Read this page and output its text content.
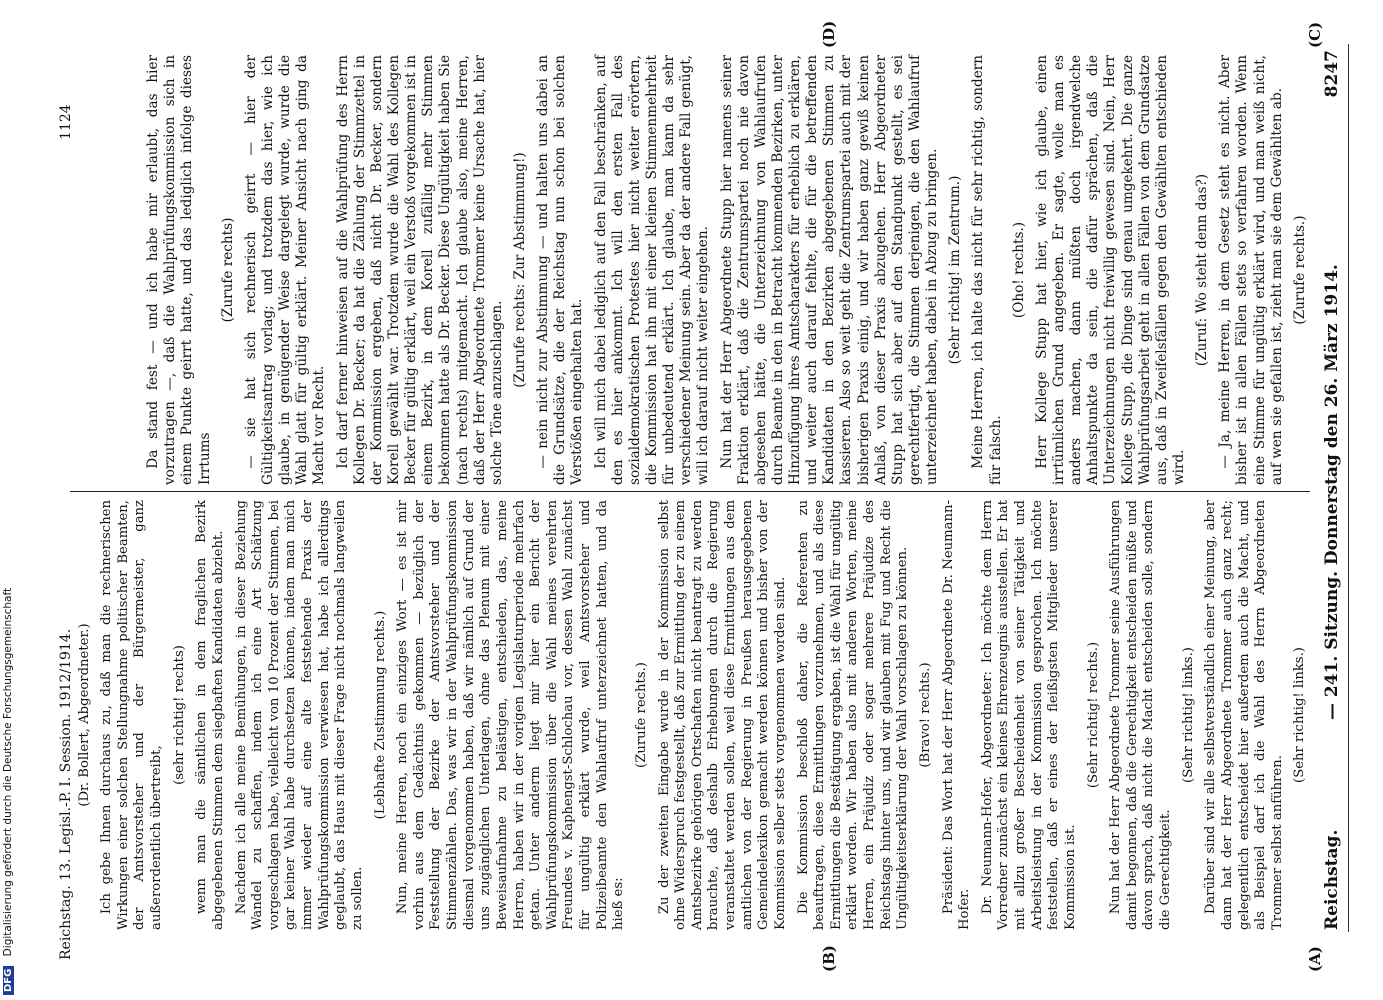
Reichstag.
— 241. Sitzung. Donnerstag den 26. März 1914.
8247
(A)
(B)
(C)
(D)

(Dr. Bollert, Abgeordneter.) Ich gebe Ihnen durchaus zu, daß man die rechnerischen Wirkungen einer solchen Stellungnahme politischer Beamten, der Amtsvorsteher und der Bürgermeister, ganz außerordentlich übertreibt,

(sehr richtig! rechts) wenn man die sämtlichen in dem fraglichen Bezirk abgegebenen Stimmen dem siegbaften Kandidaten abzieht. Nachdem ich alle meine Bemühungen, in dieser Beziehung Wandel zu schaffen, indem ich eine Art Schätzung vorgeschlagen habe, vielleicht von 10 Prozent der Stimmen, bei gar keiner Wahl habe durchsetzen können, indem man mich immer wieder auf eine alte feststehende Praxis der Wahlprüfungskommission verwiesen hat, habe ich allerdings geglaubt, das Haus mit dieser Frage nicht nochmals langweilen zu sollen.

(Lebhafte Zustimmung rechts.) Nun, meine Herren, noch ein einziges Wort — es ist mir vorhin aus dem Gedächtnis gekommen — bezüglich der Feststellung der Bezirke der Amtsvorsteher und der Stimmenzählen. Das, was wir in der Wahlprüfungskommission diesmal vorgenommen haben, daß wir nämlich auf Grund der uns zugänglichen Unterlagen, ohne das Plenum mit einer Beweisaufnahme zu belästigen, entschieden, das, meine Herren, haben wir in der vorigen Legislaturperiode mehrfach getan. Unter anderm liegt mir hier ein Bericht der Wahlprüfungskommission über die Wahl meines verehrten Freundes v. Kaphengst-Schlochau vor, dessen Wahl zunächst für ungültig erklärt wurde, weil Amtsvorsteher und Polizeibeamte den Wahlaufruf unterzeichnet hatten, und da hieß es:

(Zurufe rechts.) Zu der zweiten Eingabe wurde in der Kommission selbst ohne Widerspruch festgestellt, daß zur Ermittlung der zu einem Amtsbezirke gehörigen Ortschaften nicht beantragt zu werden brauchte, daß deshalb Erhebungen durch die Regierung veranstaltet werden sollen, weil diese Ermittlungen aus dem amtlichen von der Regierung in Preußen herausgegebenen Gemeindelexikon gemacht werden können und bisher von der Kommission selber stets vorgenommen worden sind. Die Kommission beschloß daher, die Referenten zu beauftragen, diese Ermittlungen vorzunehmen, und als diese Ermittlungen die Bestätigung ergaben, ist die Wahl für ungültig erklärt worden. Wir haben also mit anderen Worten, meine Herren, ein Präjudiz oder sogar mehrere Präjudize des Reichstags hinter uns, und wir glauben mit Fug und Recht die Ungültigkeitserklärung der Wahl vorschlagen zu können. (Bravo! rechts.) Präsident: Das Wort hat der Herr Abgeordnete Dr. Neumann-Hofer. Dr. Neumann-Hofer, Abgeordneter: Ich möchte dem Herrn Vorredner zunächst ein kleines Ehrenzeugnis ausstellen. Er hat mit allzu großer Bescheidenheit von seiner Tätigkeit und Arbeitsleistung in der Kommission gesprochen. Ich möchte feststellen, daß er eines der fleißigsten Mitglieder unserer Kommission ist.

(Sehr richtig! rechts.) Nun hat der Herr Abgeordnete Trommer seine Ausführungen damit begonnen, daß die Gerechtigkeit entscheiden müßte und davon sprach, daß nicht die Macht entscheiden solle, sondern die Gerechtigkeit.

(Sehr richtig! links.) Darüber sind wir alle selbstverständlich einer Meinung, aber dann hat der Herr Abgeordnete Trommer auch ganz recht; gelegentlich entscheidet hier außerdem auch die Macht, und als Beispiel darf ich die Wahl des Herrn Abgeordneten Trommer selbst anführen.

(Sehr richtig! links.)

Da stand fest — und ich habe mir erlaubt, das hier vorzutragen —, daß die Wahlprüfungskommission sich in einem Punkte geirrt hatte, und das lediglich infolge dieses Irrtums

(Zurufe rechts) — sie hat sich rechnerisch geirrt — hier der Gültigkeitsantrag vorlag; und trotzdem das hier, wie ich glaube, in genügender Weise dargelegt wurde, wurde die Wahl glatt für gültig erklärt. Meiner Ansicht nach ging da Macht vor Recht. Ich darf ferner hinweisen auf die Wahlprüfung des Herrn Kollegen Dr. Becker; da hat die Zählung der Stimmzettel in der Kommission ergeben, daß nicht Dr. Becker, sondern Korell gewählt war. Trotzdem wurde die Wahl des Kollegen Becker für gültig erklärt, weil ein Verstoß vorgekommen ist in einem Bezirk, in dem Korell zufällig mehr Stimmen bekommen hatte als Dr. Becker. Diese Ungültigkeit haben Sie (nach rechts) mitgemacht. Ich glaube also, meine Herren, daß der Herr Abgeordnete Trommer keine Ursache hat, hier solche Töne anzuschlagen.

(Zurufe rechts: Zur Abstimmung!) — nein nicht zur Abstimmung — und halten uns dabei an die Grundsätze, die der Reichstag nun schon bei solchen Verstößen eingehalten hat. Ich will mich dabei lediglich auf den Fall beschränken, auf den es hier ankommt. Ich will den ersten Fall des sozialdemokratischen Protestes hier nicht weiter erörtern, die Kommission hat ihn mit einer kleinen Stimmenmehrheit für unbedeutend erklärt. Ich glaube, man kann da sehr verschiedener Meinung sein. Aber da der andere Fall genügt, will ich darauf nicht weiter eingehen. Nun hat der Herr Abgeordnete Stupp hier namens seiner Fraktion erklärt, daß die Zentrumspartei noch nie davon abgesehen hätte, die Unterzeichnung von Wahlaufrufen durch Beamte in den in Betracht kommenden Bezirken, unter Hinzufügung ihres Amtscharakters für erheblich zu erklären, und weiter auch darauf fehlte, die für die betreffenden Kandidaten in den Bezirken abgegebenen Stimmen zu kassieren. Also so weit geht die Zentrumspartei auch mit der bisherigen Praxis einig, und wir haben ganz gewiß keinen Anlaß, von dieser Praxis abzugehen. Herr Abgeordneter Stupp hat sich aber auf den Standpunkt gestellt, es sei gerechtfertigt, die Stimmen derjenigen, die den Wahlaufruf unterzeichnet haben, dabei in Abzug zu bringen. (Sehr richtig! im Zentrum.) Meine Herren, ich halte das nicht für sehr richtig, sondern für falsch.

(Oho! rechts.) Herr Kollege Stupp hat hier, wie ich glaube, einen irrtümlichen Grund angegeben. Er sagte, wolle man es anders machen, dann müßten doch irgendwelche Anhaltspunkte da sein, die dafür sprächen, daß die Unterzeichnungen nicht freiwillig gewesen sind. Nein, Herr Kollege Stupp, die Dinge sind genau umgekehrt. Die ganze Wahlprüfungsarbeit geht in allen Fällen von dem Grundsatze aus, daß in Zweifelsfällen gegen den Gewählten entschieden wird.

(Zuruf: Wo steht denn das?) — Ja, meine Herren, in dem Gesetz steht es nicht. Aber bisher ist in allen Fällen stets so verfahren worden. Wenn eine Stimme für ungültig erklärt wird, und man weiß nicht, auf wen sie gefallen ist, zieht man sie dem Gewählten ab. (Zurufe rechts.)

Reichstag. 13. Legisl.-P. I. Session. 1912/1914.
1124
DFG Digitalisierung gefördert durch die Deutsche Forschungsgemeinschaft
